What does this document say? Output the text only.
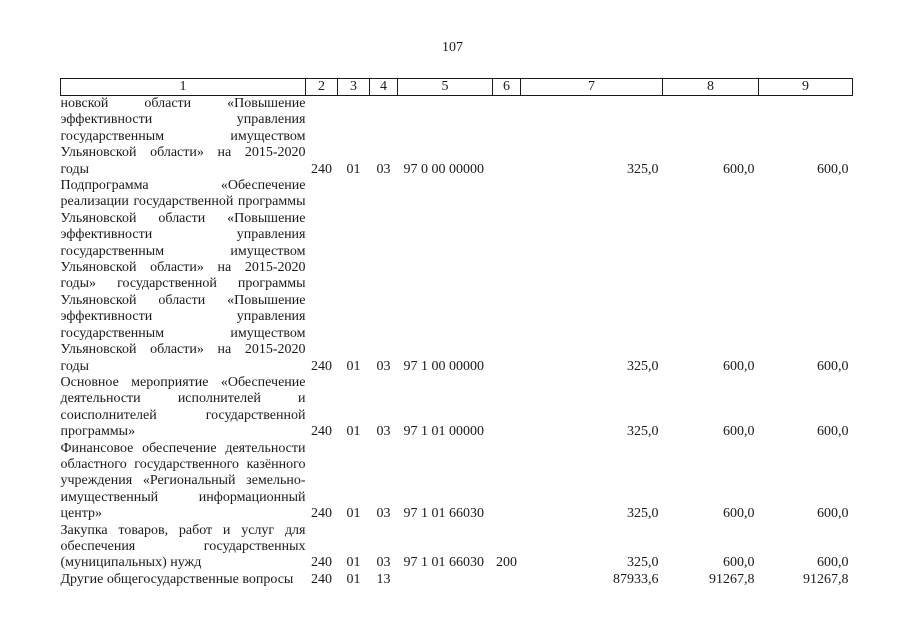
107
1	2	3	4	5	6	7	8	9
новской области «Повышение эффективности управления государственным имуществом Ульяновской области» на 2015-2020 годы	240	01	03	97 0 00 00000		325,0	600,0	600,0
Подпрограмма «Обеспечение реализации государственной программы Ульяновской области «Повышение эффективности управления государственным имуществом Ульяновской области» на 2015-2020 годы» государственной программы Ульяновской области «Повышение эффективности управления государственным имуществом Ульяновской области» на 2015-2020 годы	240	01	03	97 1 00 00000		325,0	600,0	600,0
Основное мероприятие «Обеспечение деятельности исполнителей и соисполнителей государственной программы»	240	01	03	97 1 01 00000		325,0	600,0	600,0
Финансовое обеспечение деятельности областного государственного казённого учреждения «Региональный земельно-имущественный информационный центр»	240	01	03	97 1 01 66030		325,0	600,0	600,0
Закупка товаров, работ и услуг для обеспечения государственных (муниципальных) нужд	240	01	03	97 1 01 66030	200	325,0	600,0	600,0
Другие общегосударственные вопросы	240	01	13			87933,6	91267,8	91267,8
